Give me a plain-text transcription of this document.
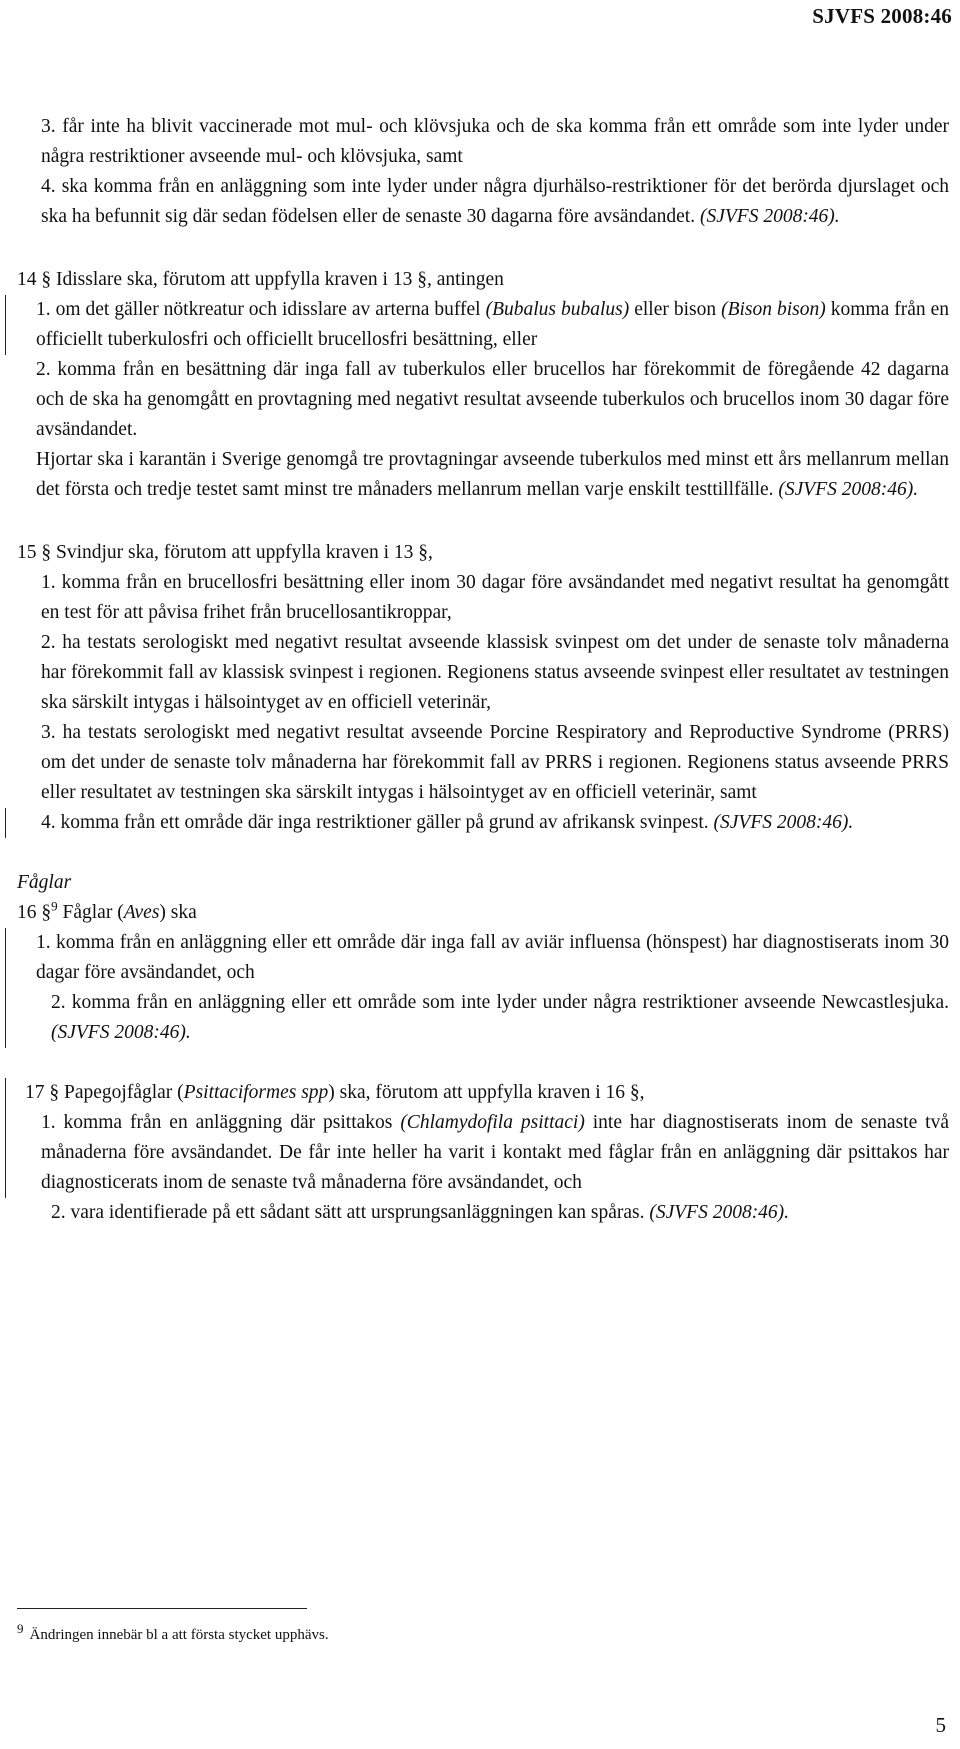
SJVFS 2008:46

3. får inte ha blivit vaccinerade mot mul- och klövsjuka och de ska komma från ett område som inte lyder under några restriktioner avseende mul- och klövsjuka, samt

4. ska komma från en anläggning som inte lyder under några djurhälso-restriktioner för det berörda djurslaget och ska ha befunnit sig där sedan födelsen eller de senaste 30 dagarna före avsändandet. (SJVFS 2008:46).

14 § Idisslare ska, förutom att uppfylla kraven i 13 §, antingen

1. om det gäller nötkreatur och idisslare av arterna buffel (Bubalus bubalus) eller bison (Bison bison) komma från en officiellt tuberkulosfri och officiellt brucellosfri besättning, eller

2. komma från en besättning där inga fall av tuberkulos eller brucellos har förekommit de föregående 42 dagarna och de ska ha genomgått en provtagning med negativt resultat avseende tuberkulos och brucellos inom 30 dagar före avsändandet.

Hjortar ska i karantän i Sverige genomgå tre provtagningar avseende tuberkulos med minst ett års mellanrum mellan det första och tredje testet samt minst tre månaders mellanrum mellan varje enskilt testtillfälle. (SJVFS 2008:46).

15 § Svindjur ska, förutom att uppfylla kraven i 13 §,

1. komma från en brucellosfri besättning eller inom 30 dagar före avsändandet med negativt resultat ha genomgått en test för att påvisa frihet från brucellosantikroppar,

2. ha testats serologiskt med negativt resultat avseende klassisk svinpest om det under de senaste tolv månaderna har förekommit fall av klassisk svinpest i regionen. Regionens status avseende svinpest eller resultatet av testningen ska särskilt intygas i hälsointyget av en officiell veterinär,

3. ha testats serologiskt med negativt resultat avseende Porcine Respiratory and Reproductive Syndrome (PRRS) om det under de senaste tolv månaderna har förekommit fall av PRRS i regionen. Regionens status avseende PRRS eller resultatet av testningen ska särskilt intygas i hälsointyget av en officiell veterinär, samt

4. komma från ett område där inga restriktioner gäller på grund av afrikansk svinpest. (SJVFS 2008:46).

Fåglar

16 §$^9$ Fåglar (Aves) ska

1. komma från en anläggning eller ett område där inga fall av aviär influensa (hönspest) har diagnostiserats inom 30 dagar före avsändandet, och

2. komma från en anläggning eller ett område som inte lyder under några restriktioner avseende Newcastlesjuka. (SJVFS 2008:46).

17 § Papegojfåglar (Psittaciformes spp) ska, förutom att uppfylla kraven i 16 §,

1. komma från en anläggning där psittakos (Chlamydofila psittaci) inte har diagnostiserats inom de senaste två månaderna före avsändandet. De får inte heller ha varit i kontakt med fåglar från en anläggning där psittakos har diagnosticerats inom de senaste två månaderna före avsändandet, och

2. vara identifierade på ett sådant sätt att ursprungsanläggningen kan spåras. (SJVFS 2008:46).

$^9$ Ändringen innebär bl a att första stycket upphävs.
5
